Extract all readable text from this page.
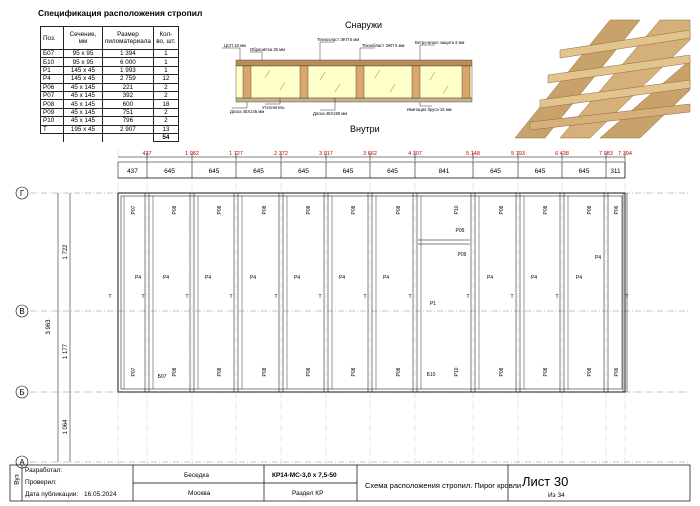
Спецификация расположения стропил
Поз.	Сечение, мм	Размер пиломатериала	Кол-во, шт.
Б07	95 х 95	1 394	1
Б10	95 х 95	6 000	1
Р1	145 х 45	1 993	1
Р4	145 х 45	2 759	12
Р06	45 х 145	221	2
Р07	45 х 145	392	2
Р08	45 х 145	600	18
Р09	45 х 145	751	2
Р10	45 х 145	796	2
Т	195 х 45	2 907	13
			54
Снаружи
Внутри
ЦСП 10 мм
Обрешётка 25 мм
Техноэласт ЭКП 5 мм
Технобласт ЭКП 5 мм
Ветро-влаго защита 2 мм
Доска 45Х145 мм
Утеплитель
Доска 45Х195 мм
Имитация бруса 16 мм
Г
В
Б
А
437	1 082	1 727	2 372	3 017	3 662	4 307	5 148	5 793	6 438	7 083 7 394
437	645	645	645	645	645	645	841	645	645	645	311
1 722
1 177
1 064
3 963
Р07	Р08	Р08	Р08	Р08	Р08	Р08	Р10	Р08	Р08	Р08	Р06
Р07	Р08	Р08	Р08	Р08	Р08	Р08	Р10	Р08	Р08	Р08	Р06
Р4	Р4	Р4	Р4	Р4	Р4	Р4	Р4	Р4	Р4
Р4
Т	Т	Т	Т	Т	Т	Т	Т	Т	Т	Т	Т
Р1
Р09
Р09
Б07	Б10
Вуз
Разработал:
Проверил:
Дата публикации: 16.05.2024
Беседка
Москва
КР14-МС-3,0 х 7,5-50
Раздел КР
Схема расположения стропил. Пирог кровли Лист 30
Из 34
